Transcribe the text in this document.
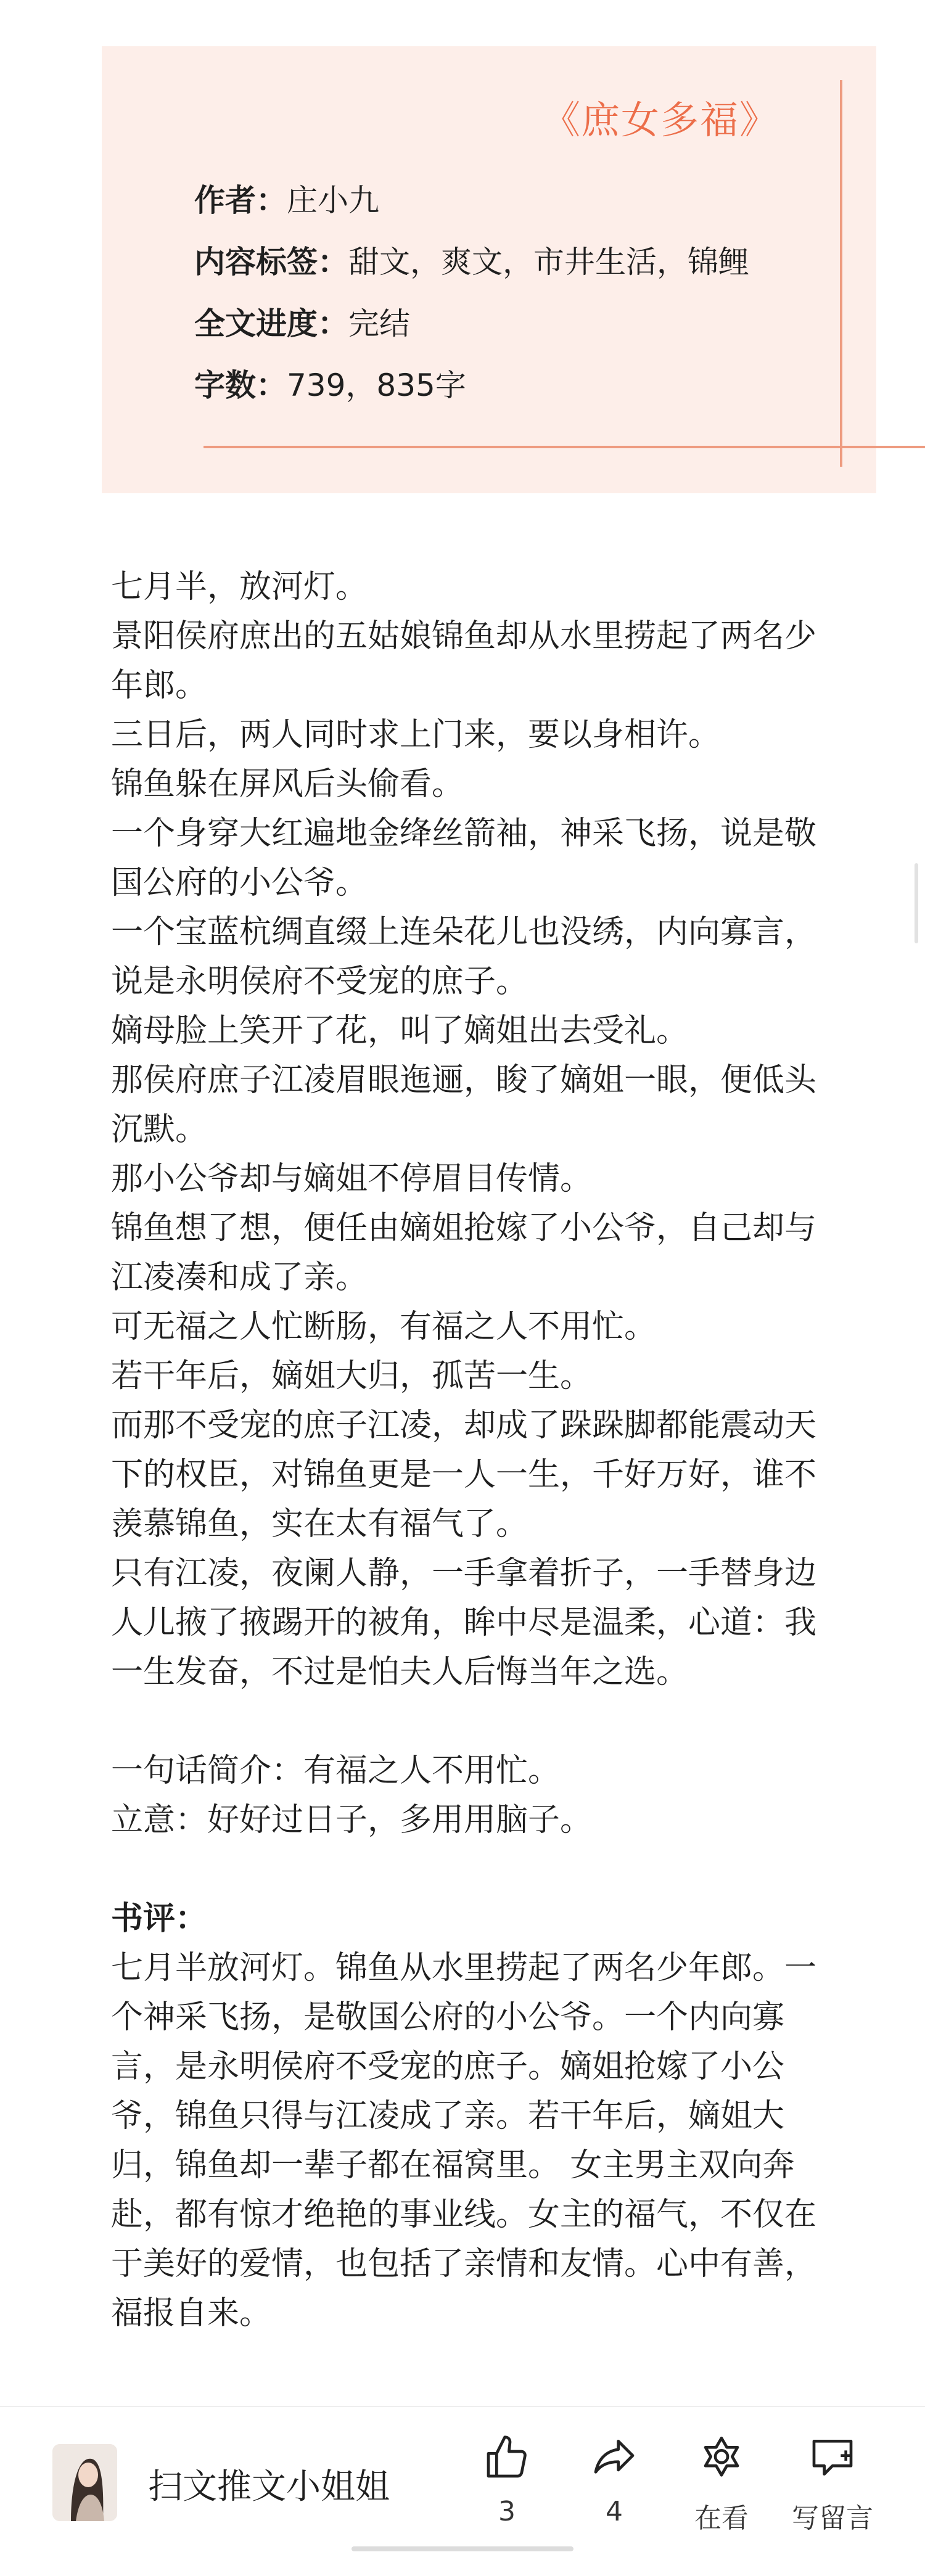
《庶女多福》
作者：庄小九
内容标签：甜文，爽文，市井生活，锦鲤
全文进度：完结
字数：739，835字

七月半，放河灯。

景阳侯府庶出的五姑娘锦鱼却从水里捞起了两名少年郎。

三日后，两人同时求上门来，要以身相许。

锦鱼躲在屏风后头偷看。

一个身穿大红遍地金绛丝箭袖，神采飞扬，说是敬国公府的小公爷。

一个宝蓝杭绸直缀上连朵花儿也没绣，内向寡言，说是永明侯府不受宠的庶子。

嫡母脸上笑开了花，叫了嫡姐出去受礼。

那侯府庶子江凌眉眼迤逦，睃了嫡姐一眼，便低头沉默。

那小公爷却与嫡姐不停眉目传情。

锦鱼想了想，便任由嫡姐抢嫁了小公爷，自己却与江凌凑和成了亲。

可无福之人忙断肠，有福之人不用忙。

若干年后，嫡姐大归，孤苦一生。

而那不受宠的庶子江凌，却成了跺跺脚都能震动天下的权臣，对锦鱼更是一人一生，千好万好，谁不羡慕锦鱼，实在太有福气了。

只有江凌，夜阑人静，一手拿着折子，一手替身边人儿掖了掖踢开的被角，眸中尽是温柔，心道：我一生发奋，不过是怕夫人后悔当年之选。

一句话简介：有福之人不用忙。

立意：好好过日子，多用用脑子。

书评：

七月半放河灯。锦鱼从水里捞起了两名少年郎。一个神采飞扬，是敬国公府的小公爷。一个内向寡言，是永明侯府不受宠的庶子。嫡姐抢嫁了小公爷，锦鱼只得与江凌成了亲。若干年后，嫡姐大归，锦鱼却一辈子都在福窝里。 女主男主双向奔赴，都有惊才绝艳的事业线。女主的福气，不仅在于美好的爱情，也包括了亲情和友情。心中有善，福报自来。

扫文推文小姐姐
3	4	在看	写留言
